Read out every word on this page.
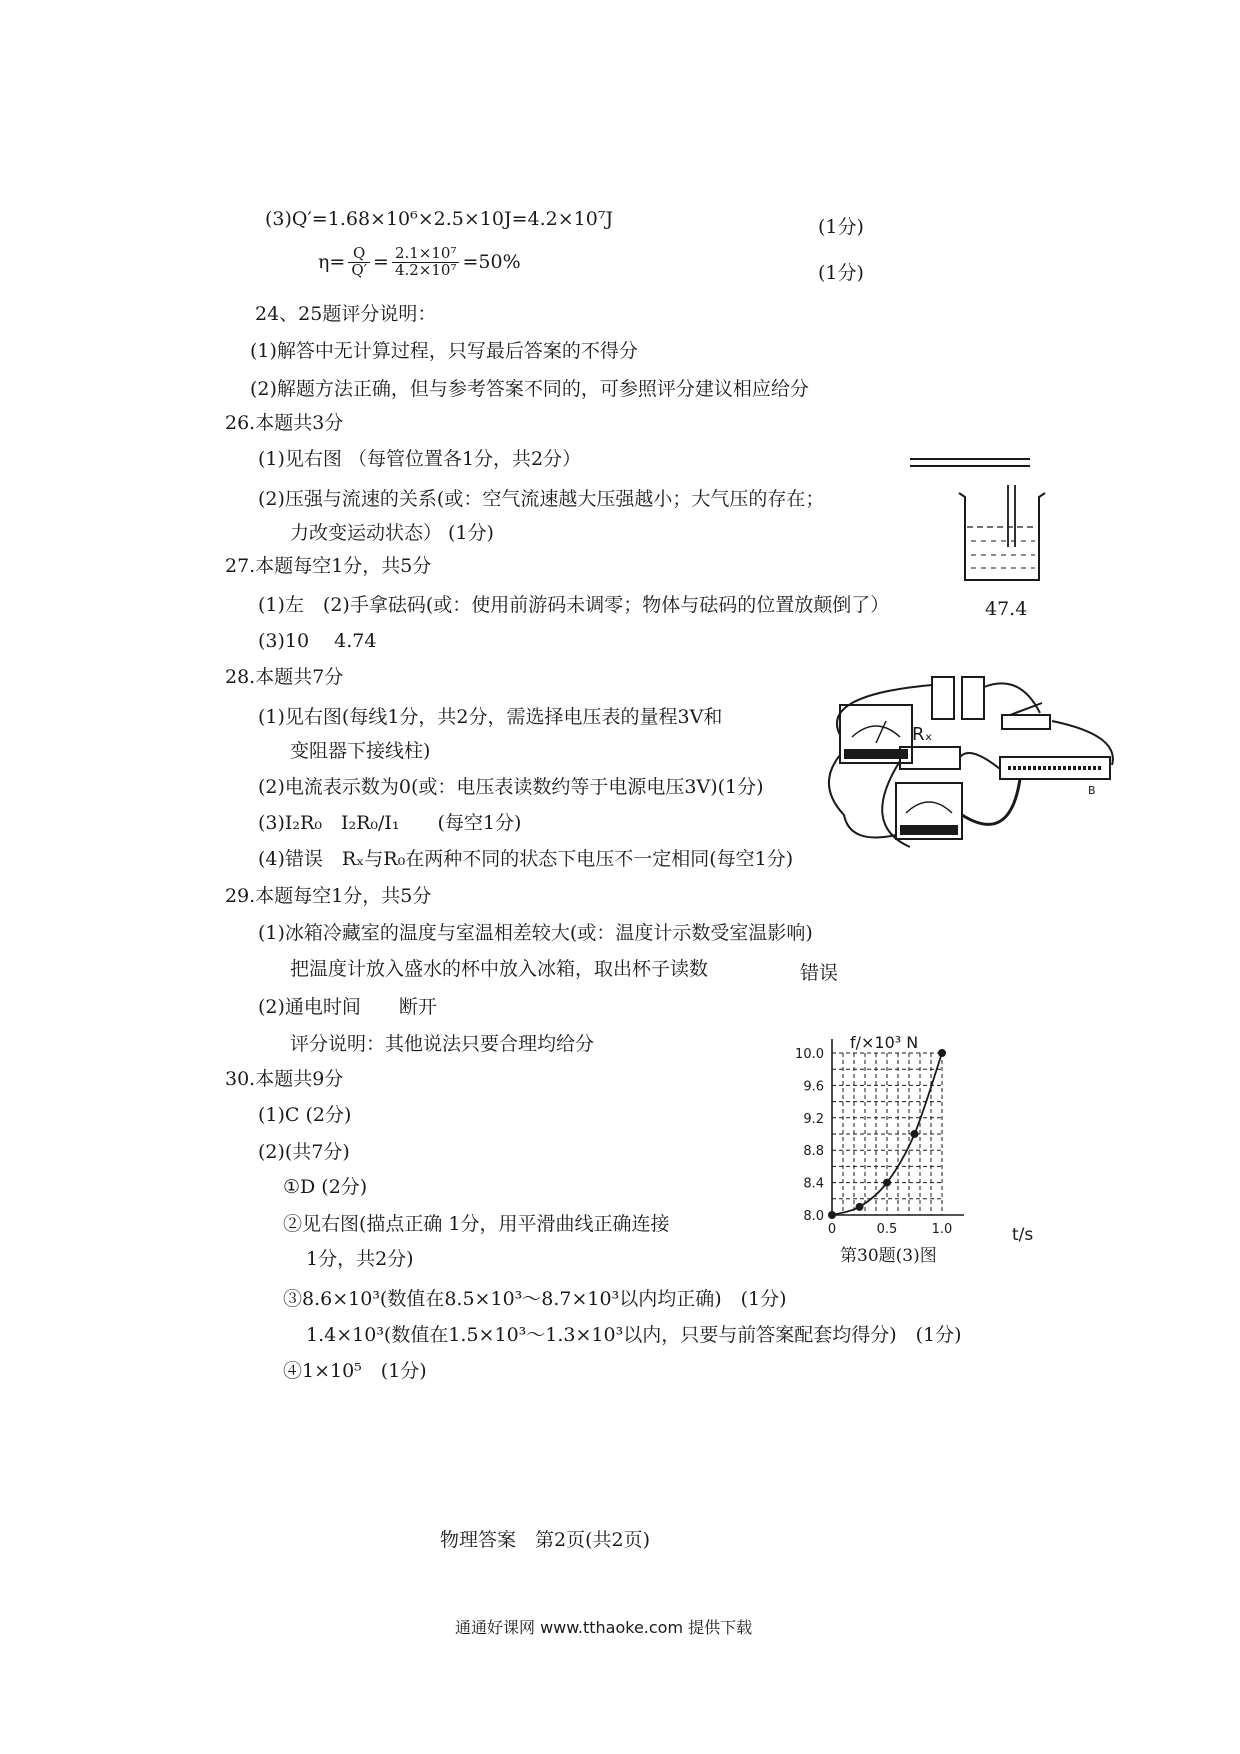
(3)Q′=1.68×10⁶×2.5×10J=4.2×10⁷J	(1分)
$\eta= \frac{Q}{Q'} = \frac{\text{2.1×10⁷}}{\text{4.2×10⁷}} =50\%$
(1分)
24、25题评分说明：
(1)解答中无计算过程，只写最后答案的不得分
(2)解题方法正确，但与参考答案不同的，可参照评分建议相应给分
26.本题共3分
(1)见右图 （每管位置各1分，共2分）
(2)压强与流速的关系(或：空气流速越大压强越小；大气压的存在；
力改变运动状态） (1分)
27.本题每空1分，共5分
(1)左　(2)手拿砝码(或：使用前游码未调零；物体与砝码的位置放颠倒了）	47.4
(3)10　 4.74
28.本题共7分
(1)见右图(每线1分，共2分，需选择电压表的量程3V和
变阻器下接线柱)
(2)电流表示数为0(或：电压表读数约等于电源电压3V)(1分)
(3)I₂R₀　I₂R₀/I₁　　(每空1分)
(4)错误　Rₓ与R₀在两种不同的状态下电压不一定相同(每空1分)
Rₓ
B
29.本题每空1分，共5分
(1)冰箱冷藏室的温度与室温相差较大(或：温度计示数受室温影响)
把温度计放入盛水的杯中放入冰箱，取出杯子读数	错误
(2)通电时间　　断开
评分说明：其他说法只要合理均给分
30.本题共9分
(1)C (2分)
(2)(共7分)
①D (2分)
②见右图(描点正确 1分，用平滑曲线正确连接
1分，共2分)
③8.6×10³(数值在8.5×10³～8.7×10³以内均正确)　(1分)
1.4×10³(数值在1.5×10³～1.3×10³以内，只要与前答案配套均得分)　(1分)
④1×10⁵　(1分)
8.0
8.4
8.8
9.2
9.6
10.0
0	0.5	1.0
f/×10³ N
t/s
第30题(3)图
物理答案　第2页(共2页)
通通好课网 www.tthaoke.com 提供下载
